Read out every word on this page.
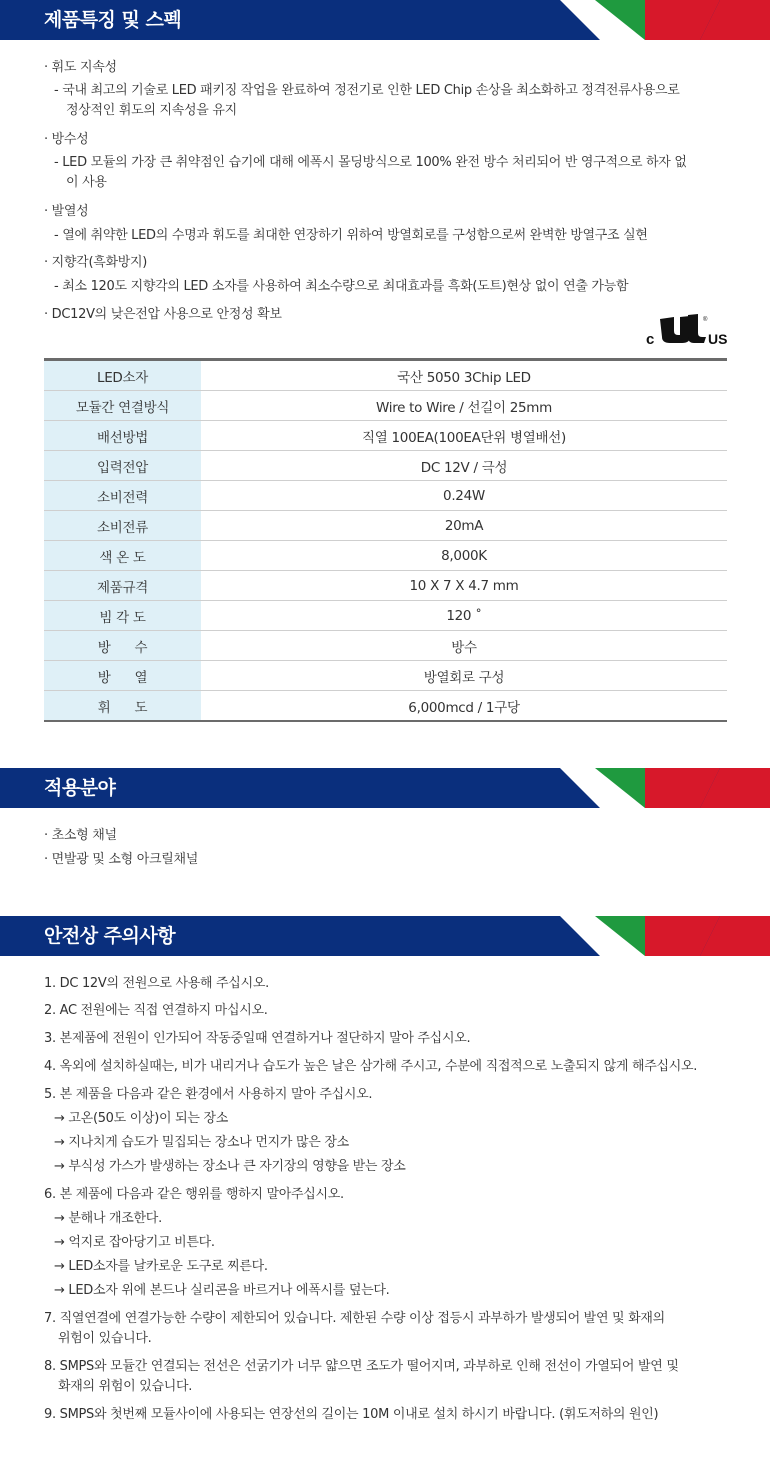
제품특징 및 스펙
· 휘도 지속성
- 국내 최고의 기술로 LED 패키징 작업을 완료하여 정전기로 인한 LED Chip 손상을 최소화하고 정격전류사용으로 정상적인 휘도의 지속성을 유지
· 방수성
- LED 모듈의 가장 큰 취약점인 습기에 대해 에폭시 몰딩방식으로 100% 완전 방수 처리되어 반 영구적으로 하자 없이 사용
· 발열성
- 열에 취약한 LED의 수명과 휘도를 최대한 연장하기 위하여 방열회로를 구성함으로써 완벽한 방열구조 실현
· 지향각(흑화방지)
- 최소 120도 지향각의 LED 소자를 사용하여 최소수량으로 최대효과를 흑화(도트)현상 없이 연출 가능함
· DC12V의 낮은전압 사용으로 안정성 확보
c
®
US
LED소자	국산 5050 3Chip LED
모듈간 연결방식	Wire to Wire / 선길이 25mm
배선방법	직열 100EA(100EA단위 병열배선)
입력전압	DC 12V / 극성
소비전력	0.24W
소비전류	20mA
색 온 도	8,000K
제품규격	10 X 7 X 4.7 mm
빔 각 도	120 ˚
방      수	방수
방      열	방열회로 구성
휘      도	6,000mcd / 1구당
적용분야
· 초소형 채널
· 면발광 및 소형 아크릴채널
안전상 주의사항
1. DC 12V의 전원으로 사용해 주십시오.
2. AC 전원에는 직접 연결하지 마십시오.
3. 본제품에 전원이 인가되어 작동중일때 연결하거나 절단하지 말아 주십시오.
4. 옥외에 설치하실때는, 비가 내리거나 습도가 높은 날은 삼가해 주시고, 수분에 직접적으로 노출되지 않게 해주십시오.
5. 본 제품을 다음과 같은 환경에서 사용하지 말아 주십시오.
→ 고온(50도 이상)이 되는 장소
→ 지나치게 습도가 밀집되는 장소나 먼지가 많은 장소
→ 부식성 가스가 발생하는 장소나 큰 자기장의 영향을 받는 장소
6. 본 제품에 다음과 같은 행위를 행하지 말아주십시오.
→ 분해나 개조한다.
→ 억지로 잡아당기고 비튼다.
→ LED소자를 날카로운 도구로 찌른다.
→ LED소자 위에 본드나 실리콘을 바르거나 에폭시를 덮는다.
7. 직열연결에 연결가능한 수량이 제한되어 있습니다. 제한된 수량 이상 접등시 과부하가 발생되어 발연 및 화재의
위험이 있습니다.
8. SMPS와 모듈간 연결되는 전선은 선굵기가 너무 얇으면 조도가 떨어지며, 과부하로 인해 전선이 가열되어 발연 및
화재의 위험이 있습니다.
9. SMPS와 첫번째 모듈사이에 사용되는 연장선의 길이는 10M 이내로 설치 하시기 바랍니다. (휘도저하의 원인)
